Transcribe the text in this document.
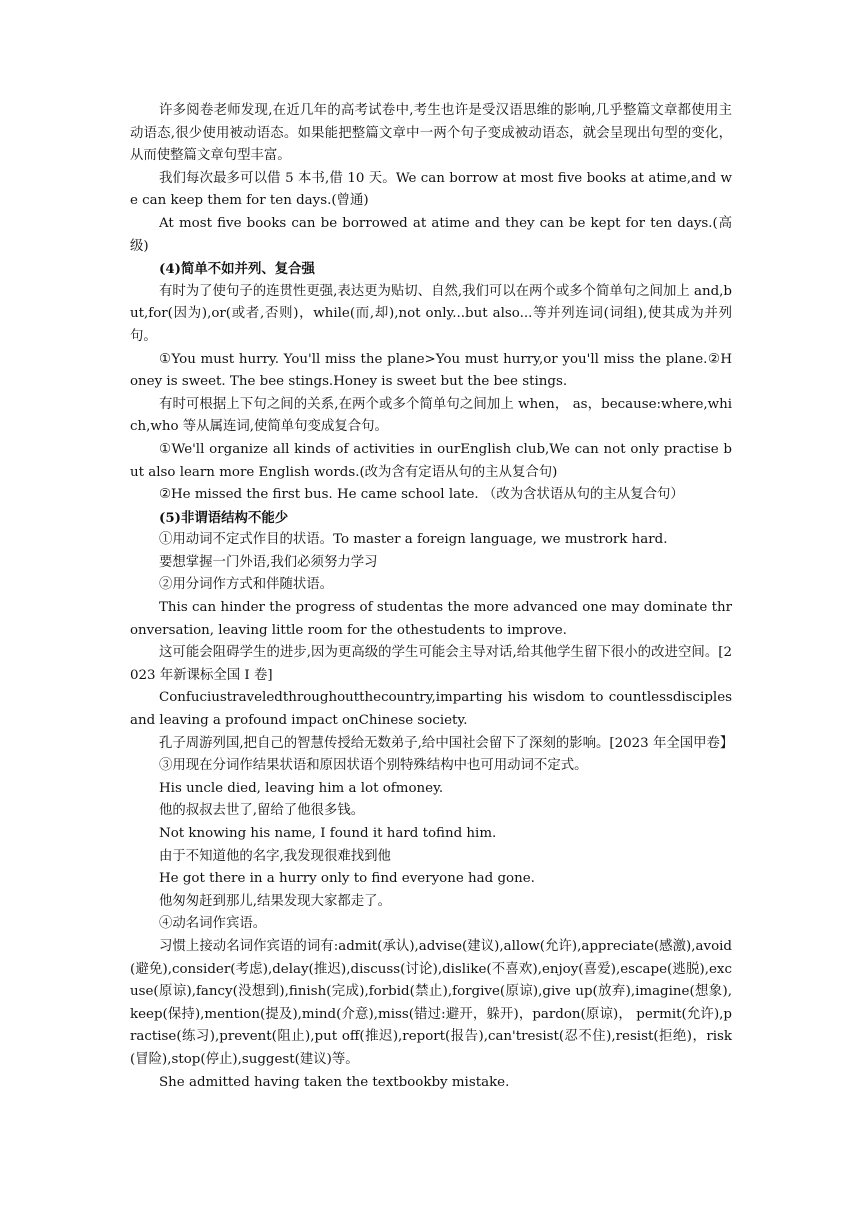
许多阅卷老师发现,在近几年的高考试卷中,考生也许是受汉语思维的影响,几乎整篇文章都使用主动语态,很少使用被动语态。如果能把整篇文章中一两个句子变成被动语态，就会呈现出句型的变化，从而使整篇文章句型丰富。

我们每次最多可以借 5 本书,借 10 天。We can borrow at most five books at atime,and we can keep them for ten days.(曾通)

At most five books can be borrowed at atime and they can be kept for ten days.(高级)

(4)简单不如并列、复合强

有时为了使句子的连贯性更强,表达更为贴切、自然,我们可以在两个或多个简单句之间加上 and,but,for(因为),or(或者,否则)，while(而,却),not only...but also...等并列连词(词组),使其成为并列句。

①You must hurry. You'll miss the plane>You must hurry,or you'll miss the plane.②Honey is sweet. The bee stings.Honey is sweet but the bee stings.

有时可根据上下句之间的关系,在两个或多个简单句之间加上 when， as，because:where,which,who 等从属连词,使简单句变成复合句。

①We'll organize all kinds of activities in ourEnglish club,We can not only practise but also learn more English words.(改为含有定语从句的主从复合句)

②He missed the first bus. He came school late. （改为含状语从句的主从复合句）

(5)非谓语结构不能少

①用动词不定式作目的状语。To master a foreign language, we mustrork hard.

要想掌握一门外语,我们必须努力学习

②用分词作方式和伴随状语。

This can hinder the progress of studentas the more advanced one may dominate thronversation, leaving little room for the othestudents to improve.

这可能会阻碍学生的进步,因为更高级的学生可能会主导对话,给其他学生留下很小的改进空间。[2023 年新课标全国 I 卷]

Confuciustraveledthroughoutthecountry,imparting his wisdom to countlessdisciples and leaving a profound impact onChinese society.

孔子周游列国,把自己的智慧传授给无数弟子,给中国社会留下了深刻的影响。[2023 年全国甲卷】

③用现在分词作结果状语和原因状语个别特殊结构中也可用动词不定式。

His uncle died, leaving him a lot ofmoney.

他的叔叔去世了,留给了他很多钱。

Not knowing his name, I found it hard tofind him.

由于不知道他的名字,我发现很难找到他

He got there in a hurry only to find everyone had gone.

他匆匆赶到那儿,结果发现大家都走了。

④动名词作宾语。

习惯上接动名词作宾语的词有:admit(承认),advise(建议),allow(允许),appreciate(感激),avoid(避免),consider(考虑),delay(推迟),discuss(讨论),dislike(不喜欢),enjoy(喜爱),escape(逃脱),excuse(原谅),fancy(没想到),finish(完成),forbid(禁止),forgive(原谅),give up(放弃),imagine(想象),keep(保持),mention(提及),mind(介意),miss(错过:避开，躲开)，pardon(原谅)， permit(允许),practise(练习),prevent(阻止),put off(推迟),report(报告),can'tresist(忍不住),resist(拒绝)，risk(冒险),stop(停止),suggest(建议)等。

She admitted having taken the textbookby mistake.
